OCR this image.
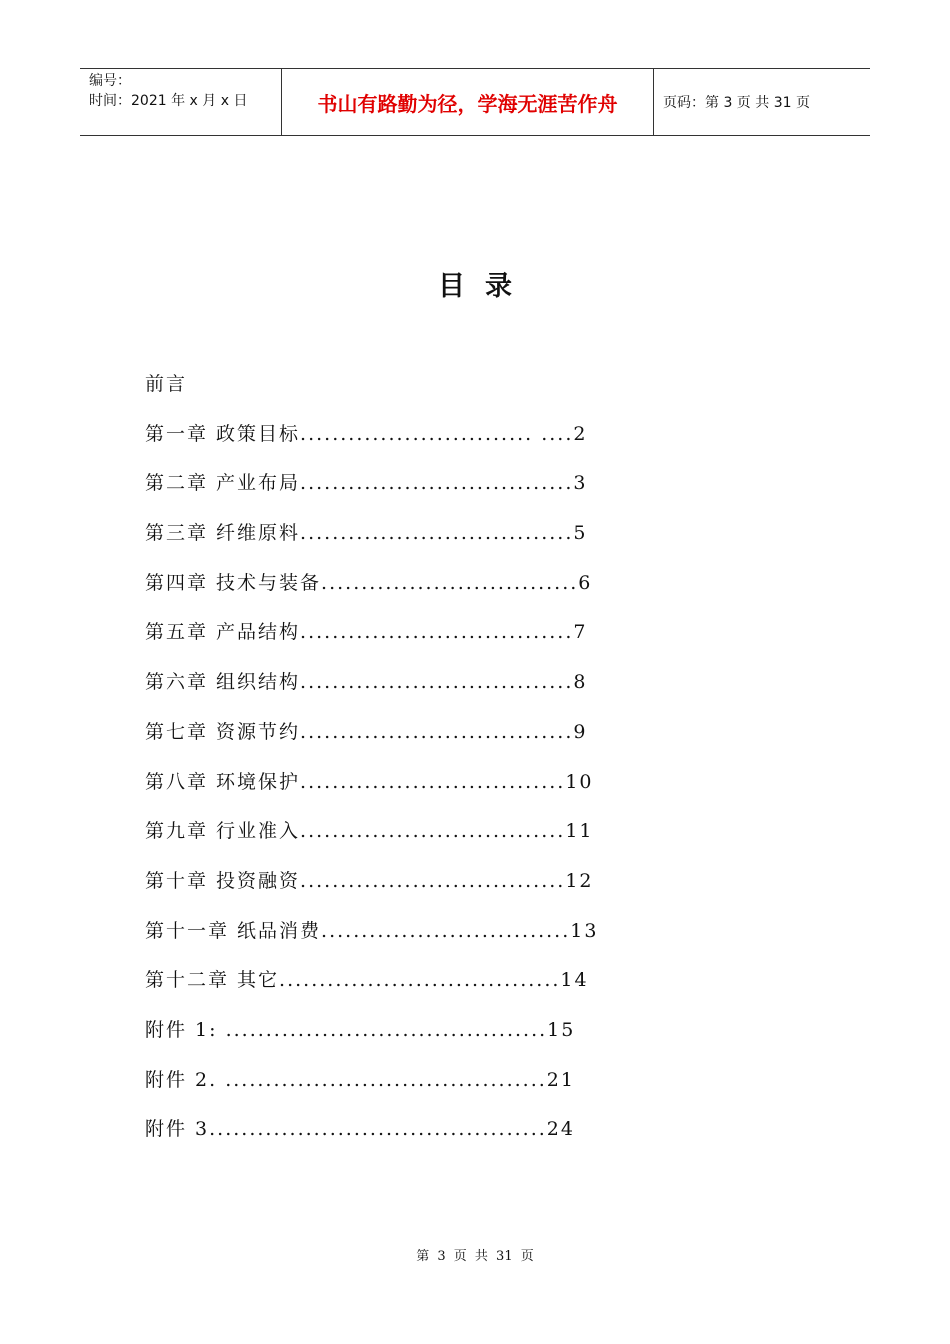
编号：
时间：2021 年 x 月 x 日	书山有路勤为径，学海无涯苦作舟	页码：第 3 页 共 31 页
目录
前言
第一章 政策目标............................. ....2
第二章 产业布局..................................3
第三章 纤维原料..................................5
第四章 技术与装备................................6
第五章 产品结构..................................7
第六章 组织结构..................................8
第七章 资源节约..................................9
第八章 环境保护.................................10
第九章 行业准入.................................11
第十章 投资融资.................................12
第十一章 纸品消费...............................13
第十二章 其它...................................14
附件 1: ........................................15
附件 2. ........................................21
附件 3..........................................24
第 3 页 共 31 页
